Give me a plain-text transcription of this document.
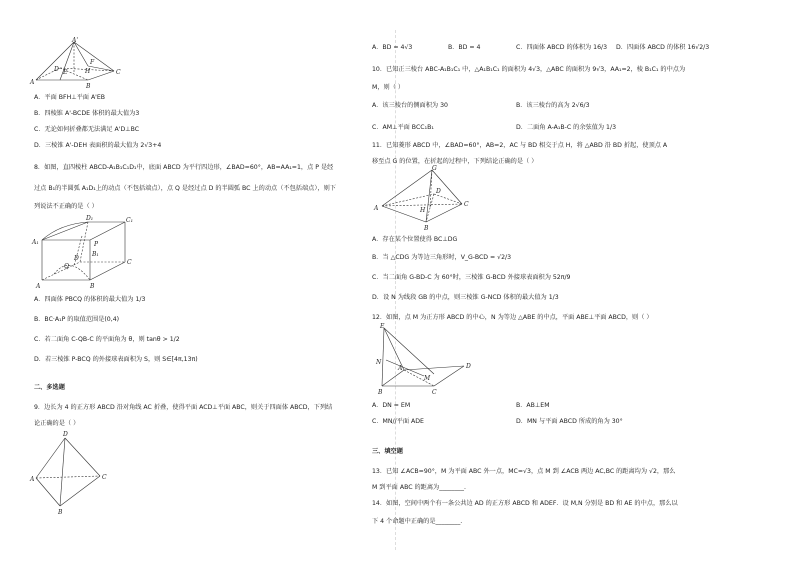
A'
D E	H
F
A
B
C
A．平面 BFH⊥平面 A'EB
B．四棱锥 A'-BCDE 体积的最大值为3
C．无论如何折叠都无法满足 A'D⊥BC
D．三棱锥 A'-DEH 表面积的最大值为 2√3+4
8．如图，直四棱柱 ABCD-A₁B₁C₁D₁中，底面 ABCD 为平行四边形，∠BAD=60°，AB=AA₁=1，点 P 是经
过点 B₁的半圆弧 A₁D₁上的动点（不包括端点），点 Q 是经过点 D 的半圆弧 BC 上的动点（不包括端点），则下
列说法不正确的是（ ）
D₁	C₁
A₁	P
B₁
Q
D
C
A	B
A．四面体 PBCQ 的体积的最大值为 1/3
B．BC·A₁P 的取值范围是(0,4)
C．若二面角 C-QB-C 的平面角为 θ，则 tanθ > 1/2
D．若三棱锥 P-BCQ 的外接球表面积为 S，则 S∈[4π,13π)
二、多选题
9．边长为 4 的正方形 ABCD 沿对角线 AC 折叠，使得平面 ACD⊥平面 ABC，则关于四面体 ABCD，下列结
论正确的是（ ）
D
A	C
B
A．BD = 4√3	B．BD = 4	C．四面体 ABCD 的体积为 16/3 D．四面体 ABCD 的体积 16√2/3
10．已知正三棱台 ABC-A₁B₁C₁ 中，△A₁B₁C₁ 的面积为 4√3，△ABC 的面积为 9√3，AA₁=2，棱 B₁C₁ 的中点为
M，则（ ）
A．该三棱台的侧面积为 30	B．该三棱台的高为 2√6/3
C．AM⊥平面 BCC₁B₁	D．二面角 A-A₁B-C 的余弦值为 1/3
11．已知菱形 ABCD 中，∠BAD=60°，AB=2，AC 与 BD 相交于点 H，将 △ABD 沿 BD 折起，使顶点 A
移至点 G 的位置，在折起的过程中，下列结论正确的是（ ）
G
A
D
H
C
B
A．存在某个位置使得 BC⊥DG
B．当 △CDG 为等边三角形时，V_G-BCD = √2/3
C．当二面角 G-BD-C 为 60°时，三棱锥 G-BCD 外接球表面积为 52π/9
D．设 N 为线段 GB 的中点，则三棱锥 G-NCD 体积的最大值为 1/3
12．如图，点 M 为正方形 ABCD 的中心，N 为等边 △ABE 的中点，平面 ABE⊥平面 ABCD，则（ ）
E
N
A
M
D
B	C
A．DN = EM	B．AB⊥EM
C．MN//平面 ADE	D．MN 与平面 ABCD 所成的角为 30°
三、填空题
13．已知 ∠ACB=90°，M 为平面 ABC 外一点，MC=√3，点 M 到 ∠ACB 两边 AC,BC 的距离均为 √2，那么
M 到平面 ABC 的距离为________.
14．如图，空间中两个有一条公共边 AD 的正方形 ABCD 和 ADEF．设 M,N 分别是 BD 和 AE 的中点，那么以
下 4 个命题中正确的是________.
